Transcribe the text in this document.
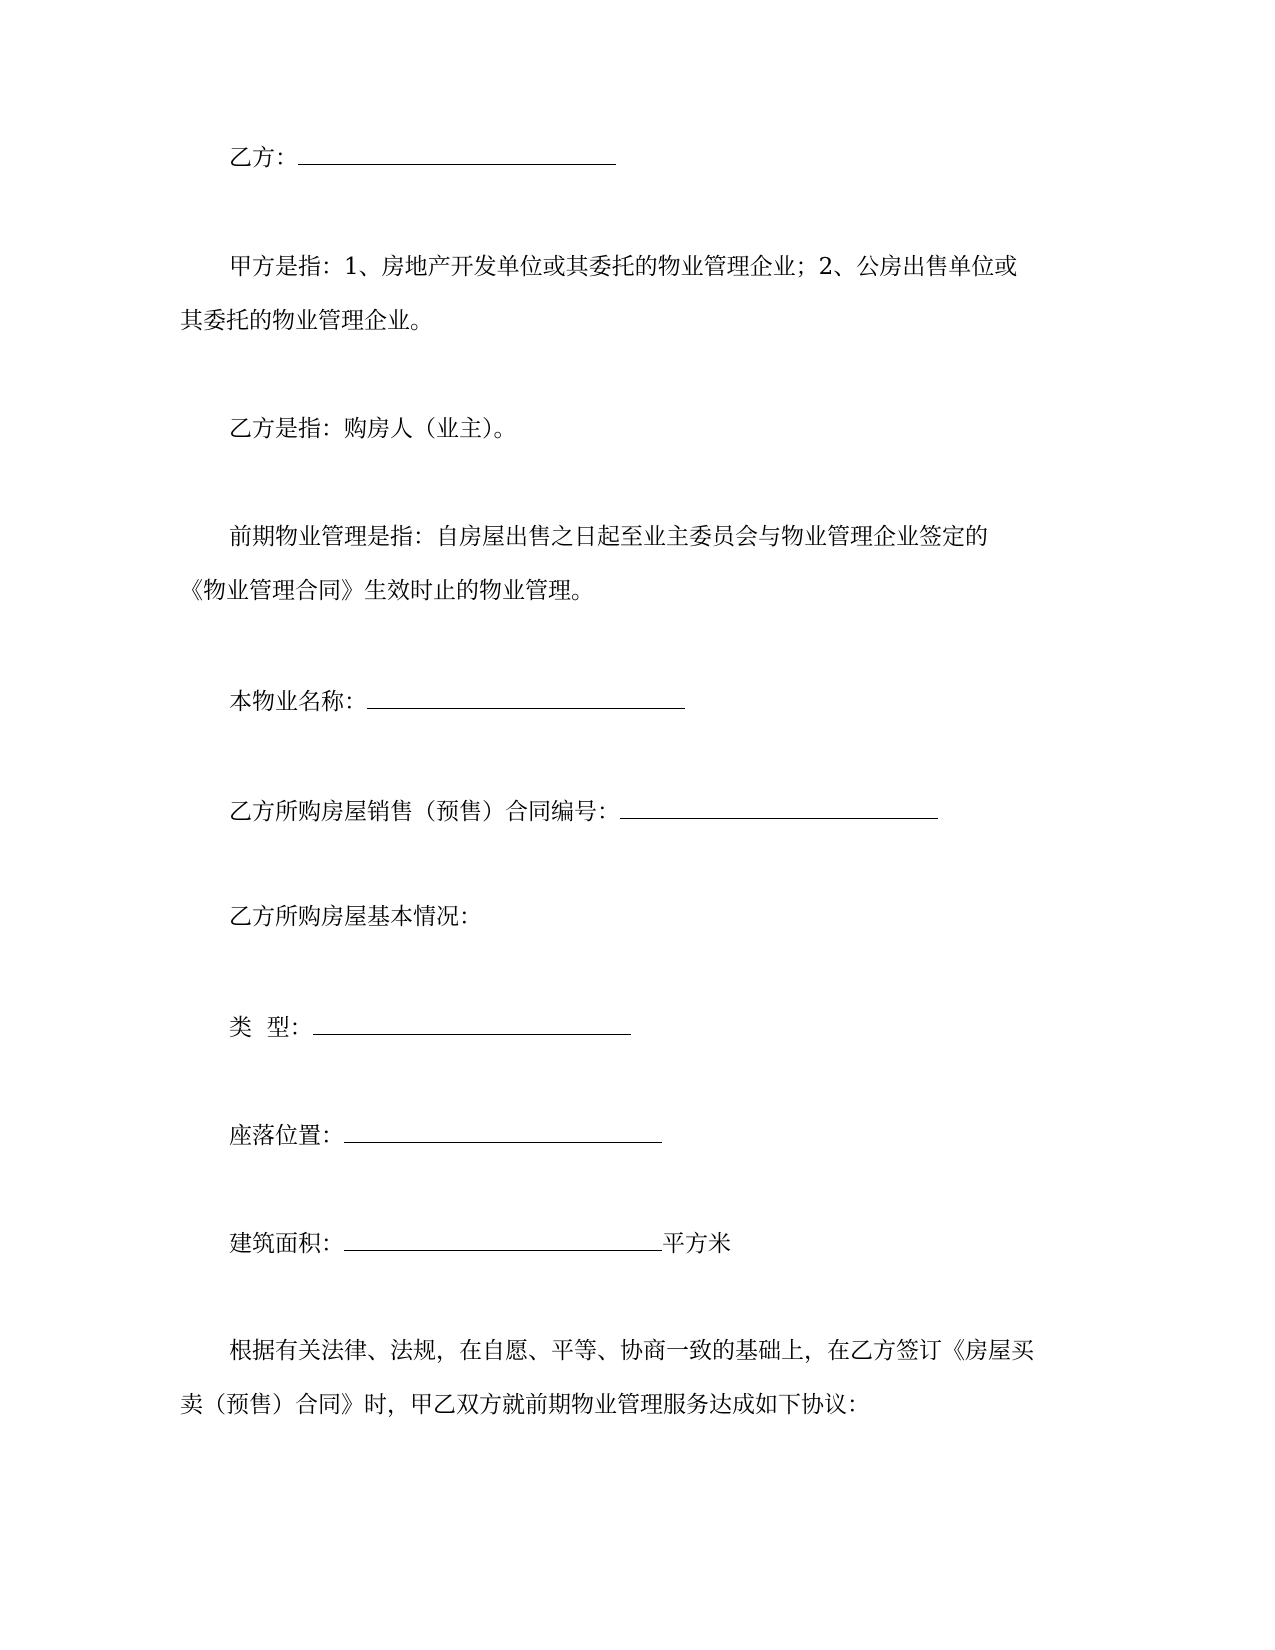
乙方：
甲方是指：1、房地产开发单位或其委托的物业管理企业；2、公房出售单位或
其委托的物业管理企业。
乙方是指：购房人（业主）。
前期物业管理是指：自房屋出售之日起至业主委员会与物业管理企业签定的
《物业管理合同》生效时止的物业管理。
本物业名称：
乙方所购房屋销售（预售）合同编号：
乙方所购房屋基本情况：
类  型：
座落位置：
建筑面积：	平方米
根据有关法律、法规，在自愿、平等、协商一致的基础上，在乙方签订《房屋买
卖（预售）合同》时，甲乙双方就前期物业管理服务达成如下协议：
